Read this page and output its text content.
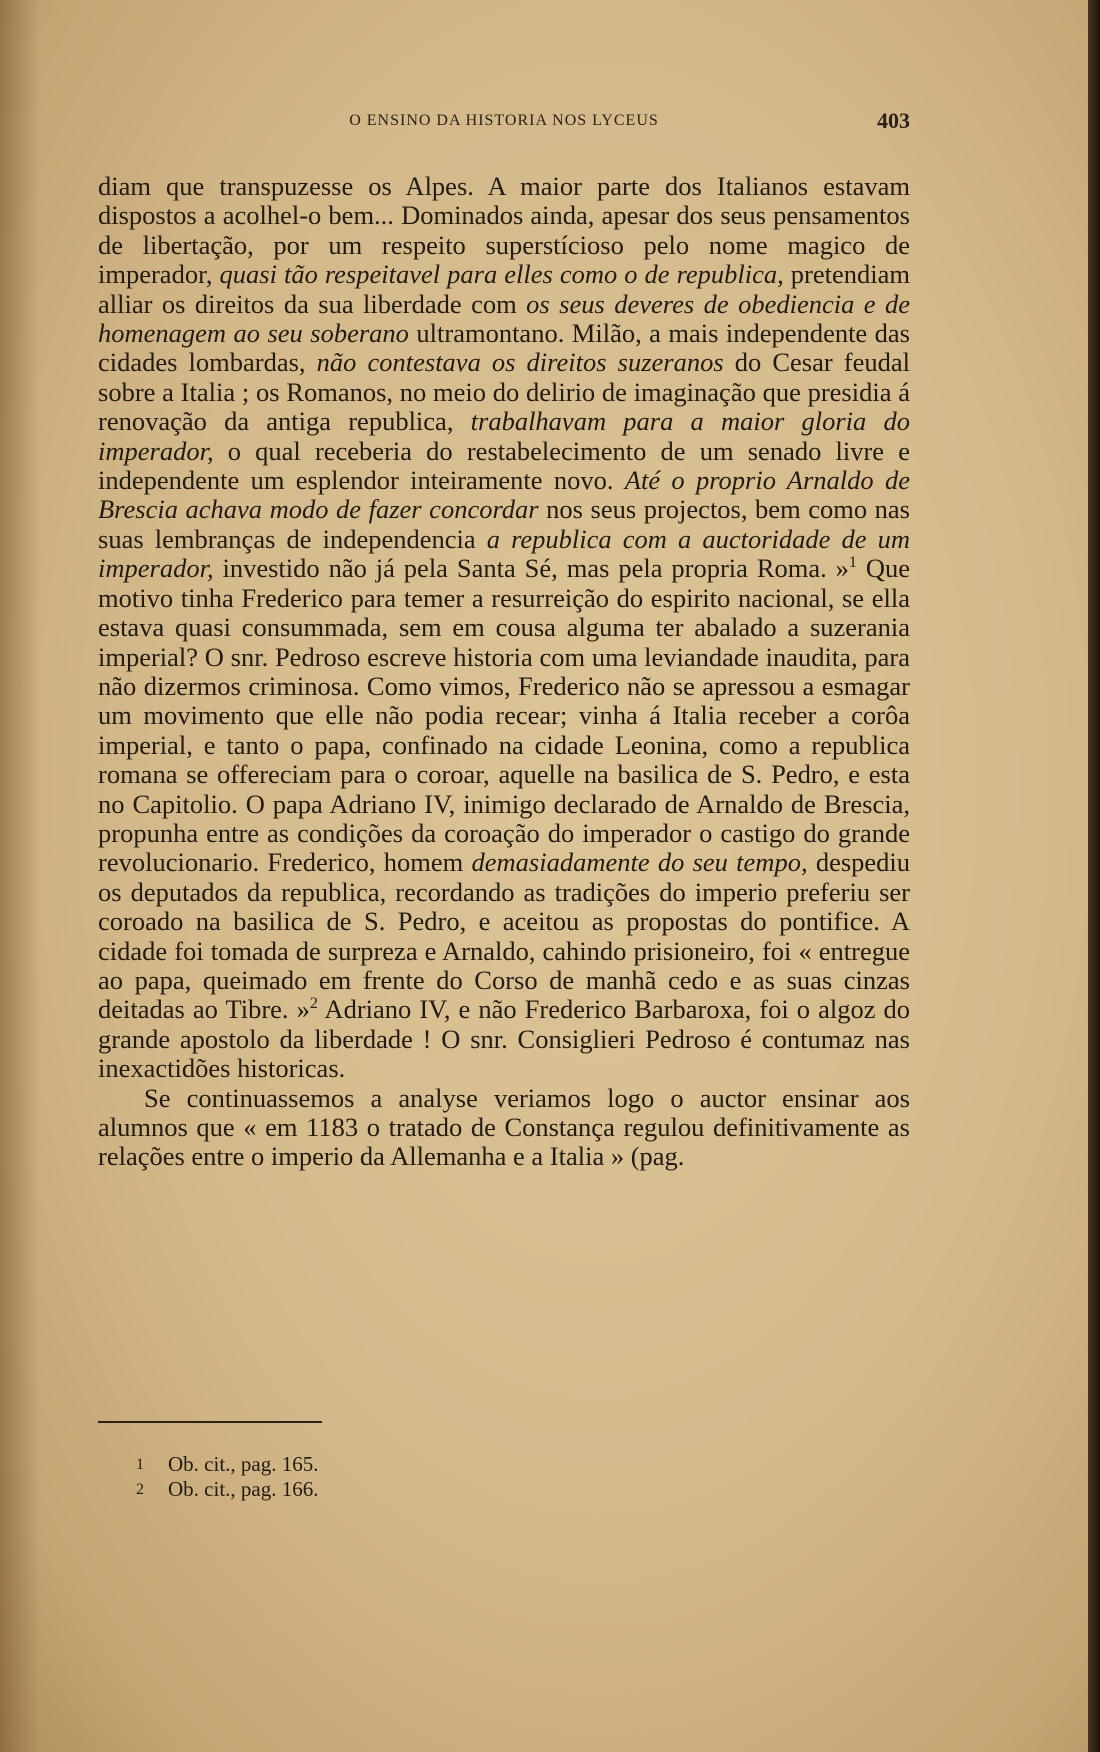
O ENSINO DA HISTORIA NOS LYCEUS	403

diam que transpuzesse os Alpes. A maior parte dos Italianos estavam dispostos a acolhel-o bem... Dominados ainda, apesar dos seus pensamentos de libertação, por um respeito superstícioso pelo nome magico de imperador, quasi tão respeitavel para elles como o de republica, pretendiam alliar os direitos da sua liberdade com os seus deveres de obediencia e de homenagem ao seu soberano ultramontano. Milão, a mais independente das cidades lombardas, não contestava os direitos suzeranos do Cesar feudal sobre a Italia ; os Romanos, no meio do delirio de imaginação que presidia á renovação da antiga republica, trabalhavam para a maior gloria do imperador, o qual receberia do restabelecimento de um senado livre e independente um esplendor inteiramente novo. Até o proprio Arnaldo de Brescia achava modo de fazer concordar nos seus projectos, bem como nas suas lembranças de independencia a republica com a auctoridade de um imperador, investido não já pela Santa Sé, mas pela propria Roma. »$^1$ Que motivo tinha Frederico para temer a resurreição do espirito nacional, se ella estava quasi consummada, sem em cousa alguma ter abalado a suzerania imperial? O snr. Pedroso escreve historia com uma leviandade inaudita, para não dizermos criminosa. Como vimos, Frederico não se apressou a esmagar um movimento que elle não podia recear; vinha á Italia receber a corôa imperial, e tanto o papa, confinado na cidade Leonina, como a republica romana se offereciam para o coroar, aquelle na basilica de S. Pedro, e esta no Capitolio. O papa Adriano IV, inimigo declarado de Arnaldo de Brescia, propunha entre as condições da coroação do imperador o castigo do grande revolucionario. Frederico, homem demasiadamente do seu tempo, despediu os deputados da republica, recordando as tradições do imperio preferiu ser coroado na basilica de S. Pedro, e aceitou as propostas do pontifice. A cidade foi tomada de surpreza e Arnaldo, cahindo prisioneiro, foi « entregue ao papa, queimado em frente do Corso de manhã cedo e as suas cinzas deitadas ao Tibre. »$^2$ Adriano IV, e não Frederico Barbaroxa, foi o algoz do grande apostolo da liberdade ! O snr. Consiglieri Pedroso é contumaz nas inexactidões historicas.

Se continuassemos a analyse veriamos logo o auctor ensinar aos alumnos que « em 1183 o tratado de Constança regulou definitivamente as relações entre o imperio da Allemanha e a Italia » (pag.

1	Ob. cit., pag. 165.
2	Ob. cit., pag. 166.
